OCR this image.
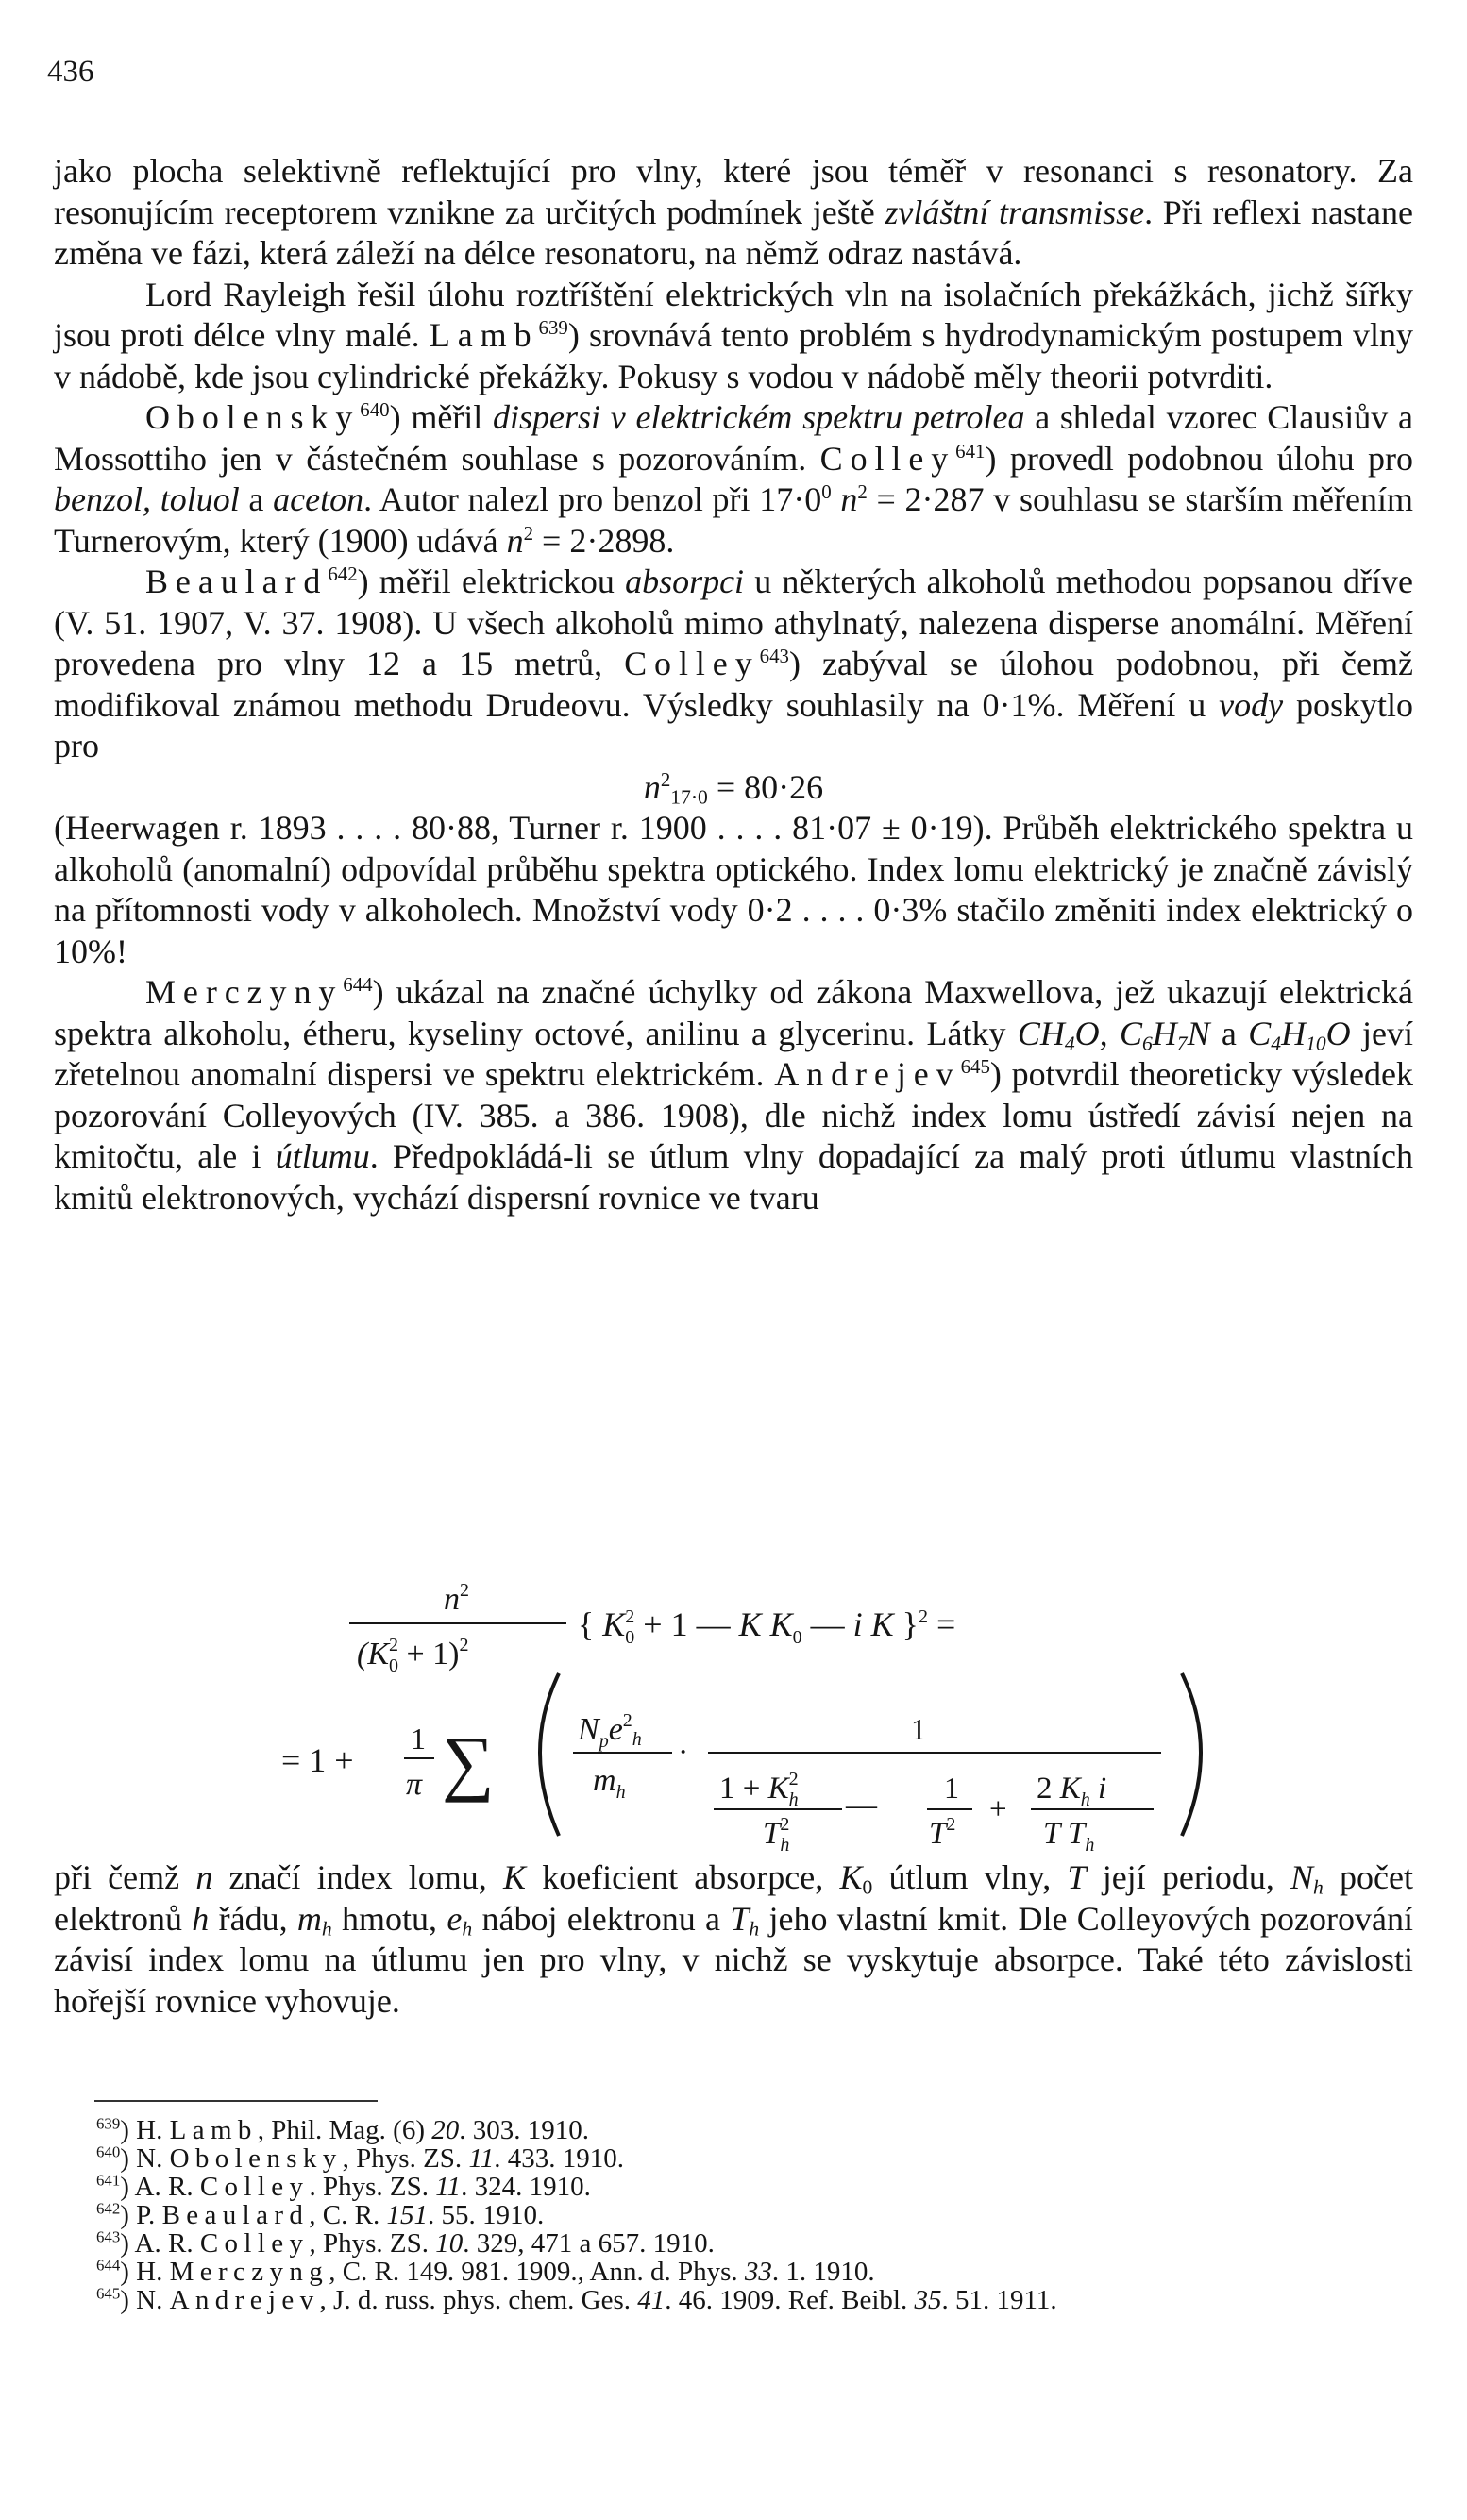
436

jako plocha selektivně reflektující pro vlny, které jsou téměř v resonanci s resonatory. Za resonujícím receptorem vznikne za určitých podmínek ještě zvláštní transmisse. Při reflexi nastane změna ve fázi, která záleží na délce resonatoru, na němž odraz nastává.

Lord Rayleigh řešil úlohu roztříštění elektrických vln na isolačních překážkách, jichž šířky jsou proti délce vlny malé. Lamb$^{639}$) srovnává tento problém s hydrodynamickým postupem vlny v nádobě, kde jsou cylindrické překážky. Pokusy s vodou v nádobě měly theorii potvrditi.

Obolensky$^{640}$) měřil dispersi v elektrickém spektru petrolea a shledal vzorec Clausiův a Mossottiho jen v částečném souhlase s pozorováním. Colley$^{641}$) provedl podobnou úlohu pro benzol, toluol a aceton. Autor nalezl pro benzol při $17\cdot 0^0$ $n^2 = 2\cdot 287$ v souhlasu se starším měřením Turnerovým, který (1900) udává $n^2 = 2\cdot 2898$.

Beaulard$^{642}$) měřil elektrickou absorpci u některých alkoholů methodou popsanou dříve (V. 51. 1907, V. 37. 1908). U všech alkoholů mimo athylnatý, nalezena disperse anomální. Měření provedena pro vlny 12 a 15 metrů, Colley$^{643}$) zabýval se úlohou podobnou, při čemž modifikoval známou methodu Drudeovu. Výsledky souhlasily na 0·1%. Měření u vody poskytlo pro

$n^2_{17\cdot 0} = 80\cdot 26$

(Heerwagen r. 1893 . . . . 80·88, Turner r. 1900 . . . . 81·07 ± 0·19). Průběh elektrického spektra u alkoholů (anomalní) odpovídal průběhu spektra optického. Index lomu elektrický je značně závislý na přítomnosti vody v alkoholech. Množství vody 0·2 . . . . 0·3% stačilo změniti index elektrický o 10%!

Merczyny$^{644}$) ukázal na značné úchylky od zákona Maxwellova, jež ukazují elektrická spektra alkoholu, étheru, kyseliny octové, anilinu a glycerinu. Látky $CH_4O$, $C_6H_7N$ a $C_4H_{10}O$ jeví zřetelnou anomalní dispersi ve spektru elektrickém. Andrejev$^{645}$) potvrdil theoreticky výsledek pozorování Colleyových (IV. 385. a 386. 1908), dle nichž index lomu ústředí závisí nejen na kmitočtu, ale i útlumu. Předpokládá-li se útlum vlny dopadající za malý proti útlumu vlastních kmitů elektronových, vychází dispersní rovnice ve tvaru

$n^2$
$(K_02 + 1)^2$
{ $K_02 + 1$ — K $K_0$ — i K }$^2$ =
= 1 +
1
π ∑	$N_pe^2_h$
$m_h$
·
1
$1 + K^2$ h
$T^2$ h
—
1
$T^2$ +
2 $K_h$ i
T $T_h$

při čemž n značí index lomu, K koeficient absorpce, $K_0$ útlum vlny, T její periodu, $N_h$ počet elektronů h řádu, $m_h$ hmotu, $e_h$ náboj elektronu a $T_h$ jeho vlastní kmit. Dle Colleyových pozorování závisí index lomu na útlumu jen pro vlny, v nichž se vyskytuje absorpce. Také této závislosti hořejší rovnice vyhovuje.

$^{639}$) H. Lamb, Phil. Mag. (6) 20. 303. 1910.
$^{640}$) N. Obolensky, Phys. ZS. 11. 433. 1910.
$^{641}$) A. R. Colley. Phys. ZS. 11. 324. 1910.
$^{642}$) P. Beaulard, C. R. 151. 55. 1910.
$^{643}$) A. R. Colley, Phys. ZS. 10. 329, 471 a 657. 1910.
$^{644}$) H. Merczyng, C. R. 149. 981. 1909., Ann. d. Phys. 33. 1. 1910.
$^{645}$) N. Andrejev, J. d. russ. phys. chem. Ges. 41. 46. 1909. Ref. Beibl. 35. 51. 1911.
